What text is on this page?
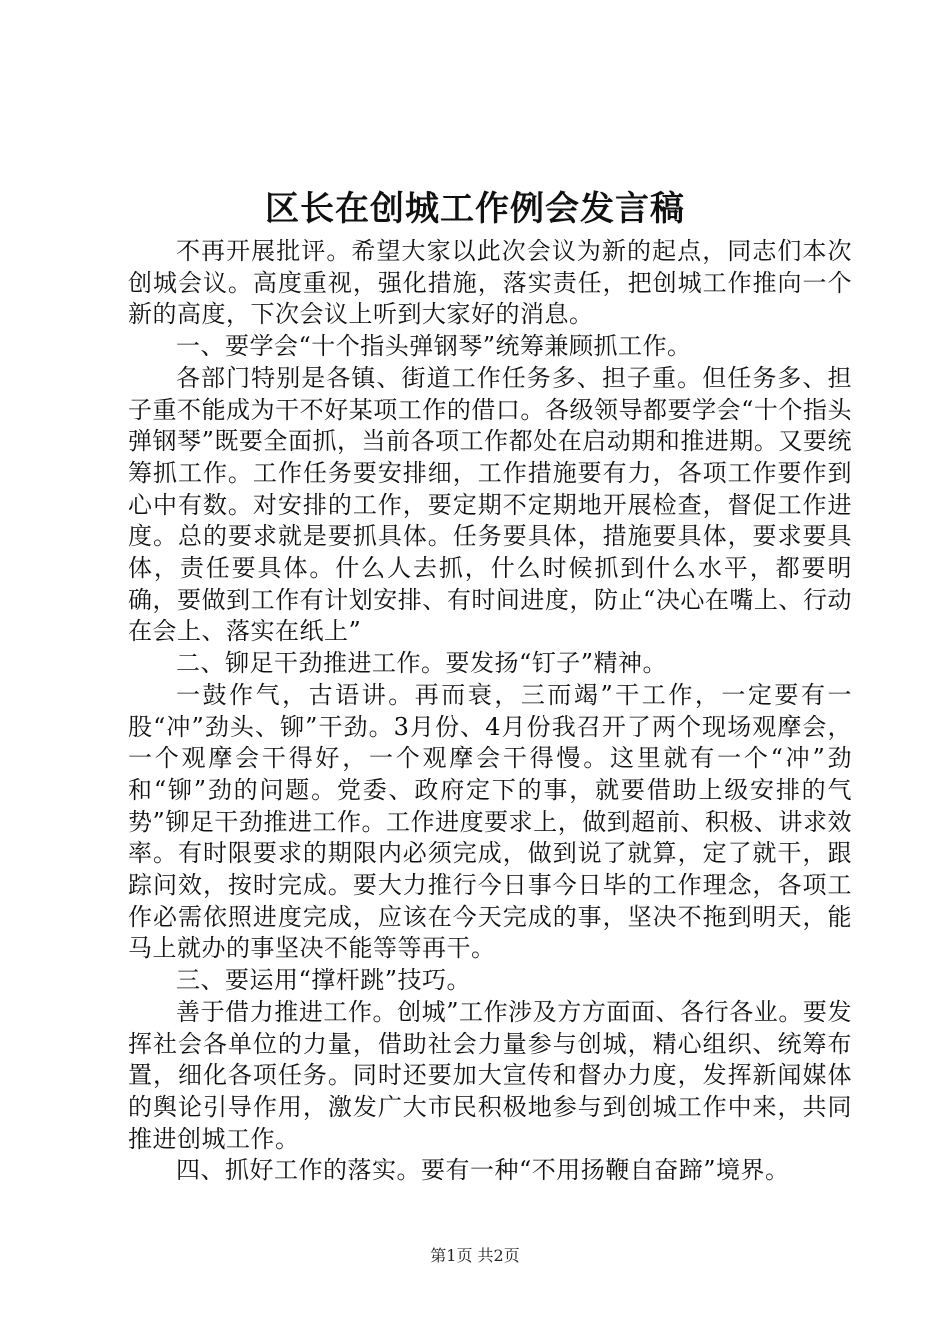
区长在创城工作例会发言稿

不再开展批评。希望大家以此次会议为新的起点，同志们本次创城会议。高度重视，强化措施，落实责任，把创城工作推向一个新的高度，下次会议上听到大家好的消息。

一、要学会“十个指头弹钢琴”统筹兼顾抓工作。

各部门特别是各镇、街道工作任务多、担子重。但任务多、担子重不能成为干不好某项工作的借口。各级领导都要学会“十个指头弹钢琴”既要全面抓，当前各项工作都处在启动期和推进期。又要统筹抓工作。工作任务要安排细，工作措施要有力，各项工作要作到心中有数。对安排的工作，要定期不定期地开展检查，督促工作进度。总的要求就是要抓具体。任务要具体，措施要具体，要求要具体，责任要具体。什么人去抓，什么时候抓到什么水平，都要明确，要做到工作有计划安排、有时间进度，防止“决心在嘴上、行动在会上、落实在纸上”

二、铆足干劲推进工作。要发扬“钉子”精神。

一鼓作气，古语讲。再而衰，三而竭”干工作，一定要有一股“冲”劲头、铆”干劲。3月份、4月份我召开了两个现场观摩会，一个观摩会干得好，一个观摩会干得慢。这里就有一个“冲”劲和“铆”劲的问题。党委、政府定下的事，就要借助上级安排的气势”铆足干劲推进工作。工作进度要求上，做到超前、积极、讲求效率。有时限要求的期限内必须完成，做到说了就算，定了就干，跟踪问效，按时完成。要大力推行今日事今日毕的工作理念，各项工作必需依照进度完成，应该在今天完成的事，坚决不拖到明天，能马上就办的事坚决不能等等再干。

三、要运用“撑杆跳”技巧。

善于借力推进工作。创城”工作涉及方方面面、各行各业。要发挥社会各单位的力量，借助社会力量参与创城，精心组织、统筹布置，细化各项任务。同时还要加大宣传和督办力度，发挥新闻媒体的舆论引导作用，激发广大市民积极地参与到创城工作中来，共同推进创城工作。

四、抓好工作的落实。要有一种“不用扬鞭自奋蹄”境界。

第1页 共2页
